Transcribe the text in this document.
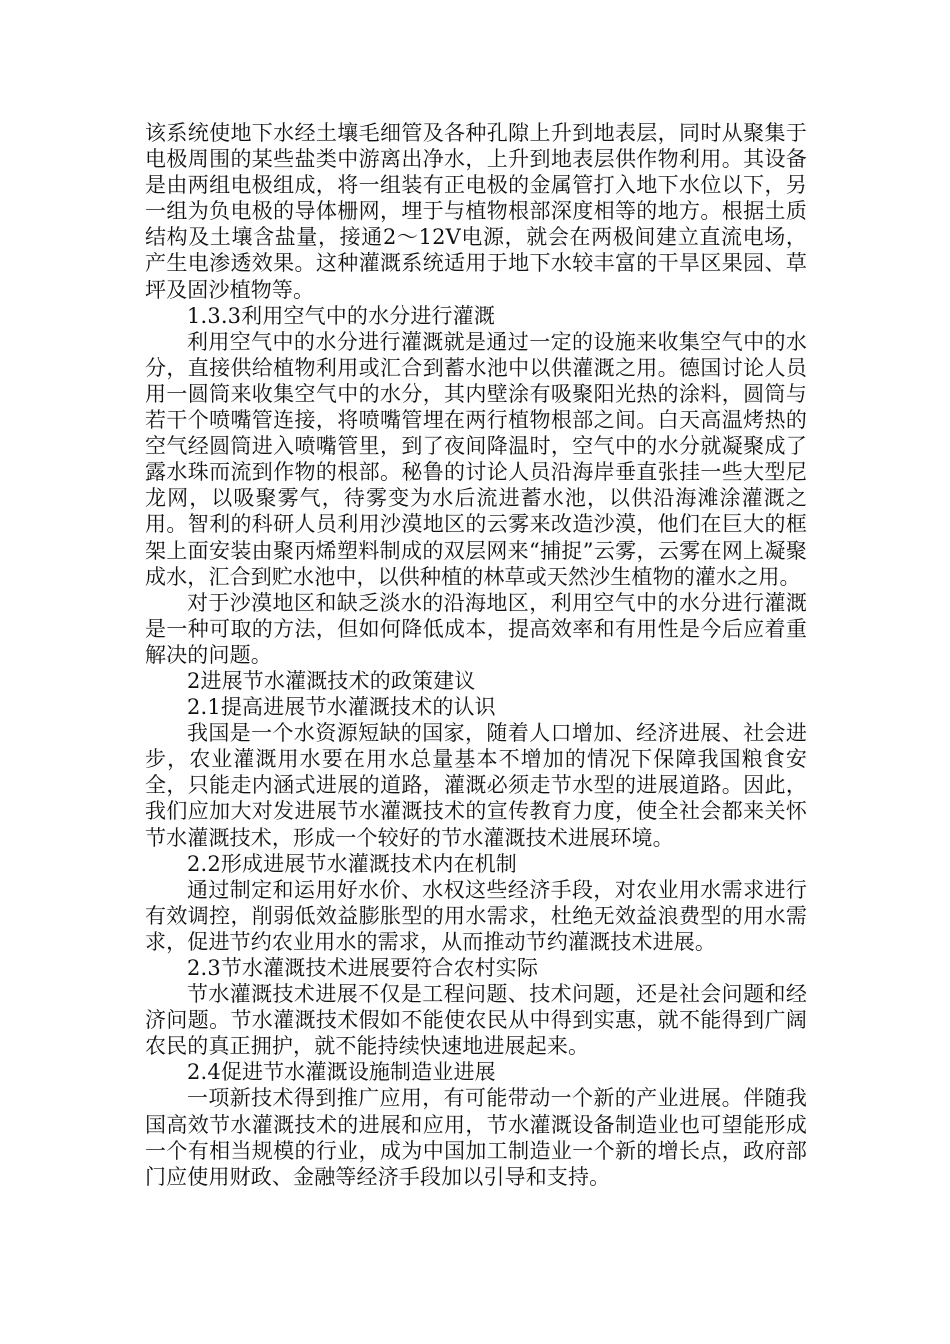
该系统使地下水经土壤毛细管及各种孔隙上升到地表层，同时从聚集于电极周围的某些盐类中游离出净水，上升到地表层供作物利用。其设备是由两组电极组成，将一组装有正电极的金属管打入地下水位以下，另一组为负电极的导体栅网，埋于与植物根部深度相等的地方。根据土质结构及土壤含盐量，接通2～12V电源，就会在两极间建立直流电场，产生电渗透效果。这种灌溉系统适用于地下水较丰富的干旱区果园、草坪及固沙植物等。

1.3.3利用空气中的水分进行灌溉

利用空气中的水分进行灌溉就是通过一定的设施来收集空气中的水分，直接供给植物利用或汇合到蓄水池中以供灌溉之用。德国讨论人员用一圆筒来收集空气中的水分，其内壁涂有吸聚阳光热的涂料，圆筒与若干个喷嘴管连接，将喷嘴管埋在两行植物根部之间。白天高温烤热的空气经圆筒进入喷嘴管里，到了夜间降温时，空气中的水分就凝聚成了露水珠而流到作物的根部。秘鲁的讨论人员沿海岸垂直张挂一些大型尼龙网，以吸聚雾气，待雾变为水后流进蓄水池，以供沿海滩涂灌溉之用。智利的科研人员利用沙漠地区的云雾来改造沙漠，他们在巨大的框架上面安装由聚丙烯塑料制成的双层网来“捕捉”云雾，云雾在网上凝聚成水，汇合到贮水池中，以供种植的林草或天然沙生植物的灌水之用。

对于沙漠地区和缺乏淡水的沿海地区，利用空气中的水分进行灌溉是一种可取的方法，但如何降低成本，提高效率和有用性是今后应着重解决的问题。

2进展节水灌溉技术的政策建议

2.1提高进展节水灌溉技术的认识

我国是一个水资源短缺的国家，随着人口增加、经济进展、社会进步，农业灌溉用水要在用水总量基本不增加的情况下保障我国粮食安全，只能走内涵式进展的道路，灌溉必须走节水型的进展道路。因此，我们应加大对发进展节水灌溉技术的宣传教育力度，使全社会都来关怀节水灌溉技术，形成一个较好的节水灌溉技术进展环境。

2.2形成进展节水灌溉技术内在机制

通过制定和运用好水价、水权这些经济手段，对农业用水需求进行有效调控，削弱低效益膨胀型的用水需求，杜绝无效益浪费型的用水需求，促进节约农业用水的需求，从而推动节约灌溉技术进展。

2.3节水灌溉技术进展要符合农村实际

节水灌溉技术进展不仅是工程问题、技术问题，还是社会问题和经济问题。节水灌溉技术假如不能使农民从中得到实惠，就不能得到广阔农民的真正拥护，就不能持续快速地进展起来。

2.4促进节水灌溉设施制造业进展

一项新技术得到推广应用，有可能带动一个新的产业进展。伴随我国高效节水灌溉技术的进展和应用，节水灌溉设备制造业也可望能形成一个有相当规模的行业，成为中国加工制造业一个新的增长点，政府部门应使用财政、金融等经济手段加以引导和支持。
